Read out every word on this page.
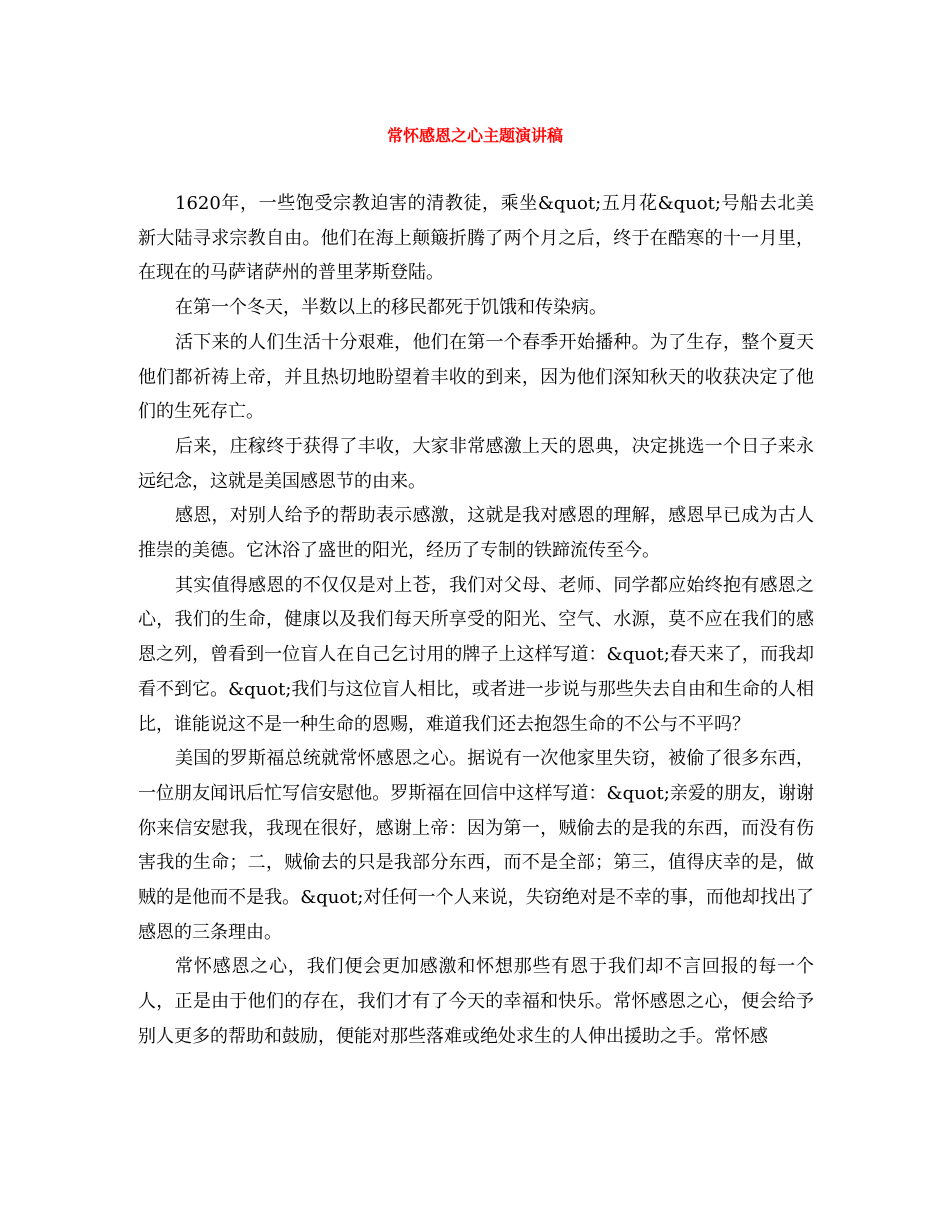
常怀感恩之心主题演讲稿

1620年，一些饱受宗教迫害的清教徒，乘坐&quot;五月花&quot;号船去北美新大陆寻求宗教自由。他们在海上颠簸折腾了两个月之后，终于在酷寒的十一月里，在现在的马萨诸萨州的普里茅斯登陆。

在第一个冬天，半数以上的移民都死于饥饿和传染病。

活下来的人们生活十分艰难，他们在第一个春季开始播种。为了生存，整个夏天他们都祈祷上帝，并且热切地盼望着丰收的到来，因为他们深知秋天的收获决定了他们的生死存亡。

后来，庄稼终于获得了丰收，大家非常感激上天的恩典，决定挑选一个日子来永远纪念，这就是美国感恩节的由来。

感恩，对别人给予的帮助表示感激，这就是我对感恩的理解，感恩早已成为古人推崇的美德。它沐浴了盛世的阳光，经历了专制的铁蹄流传至今。

其实值得感恩的不仅仅是对上苍，我们对父母、老师、同学都应始终抱有感恩之心，我们的生命，健康以及我们每天所享受的阳光、空气、水源，莫不应在我们的感恩之列，曾看到一位盲人在自己乞讨用的牌子上这样写道：&quot;春天来了，而我却看不到它。&quot;我们与这位盲人相比，或者进一步说与那些失去自由和生命的人相比，谁能说这不是一种生命的恩赐，难道我们还去抱怨生命的不公与不平吗？

美国的罗斯福总统就常怀感恩之心。据说有一次他家里失窃，被偷了很多东西，一位朋友闻讯后忙写信安慰他。罗斯福在回信中这样写道：&quot;亲爱的朋友，谢谢你来信安慰我，我现在很好，感谢上帝：因为第一，贼偷去的是我的东西，而没有伤害我的生命；二，贼偷去的只是我部分东西，而不是全部；第三，值得庆幸的是，做贼的是他而不是我。&quot;对任何一个人来说，失窃绝对是不幸的事，而他却找出了感恩的三条理由。

常怀感恩之心，我们便会更加感激和怀想那些有恩于我们却不言回报的每一个人，正是由于他们的存在，我们才有了今天的幸福和快乐。常怀感恩之心，便会给予别人更多的帮助和鼓励，便能对那些落难或绝处求生的人伸出援助之手。常怀感
